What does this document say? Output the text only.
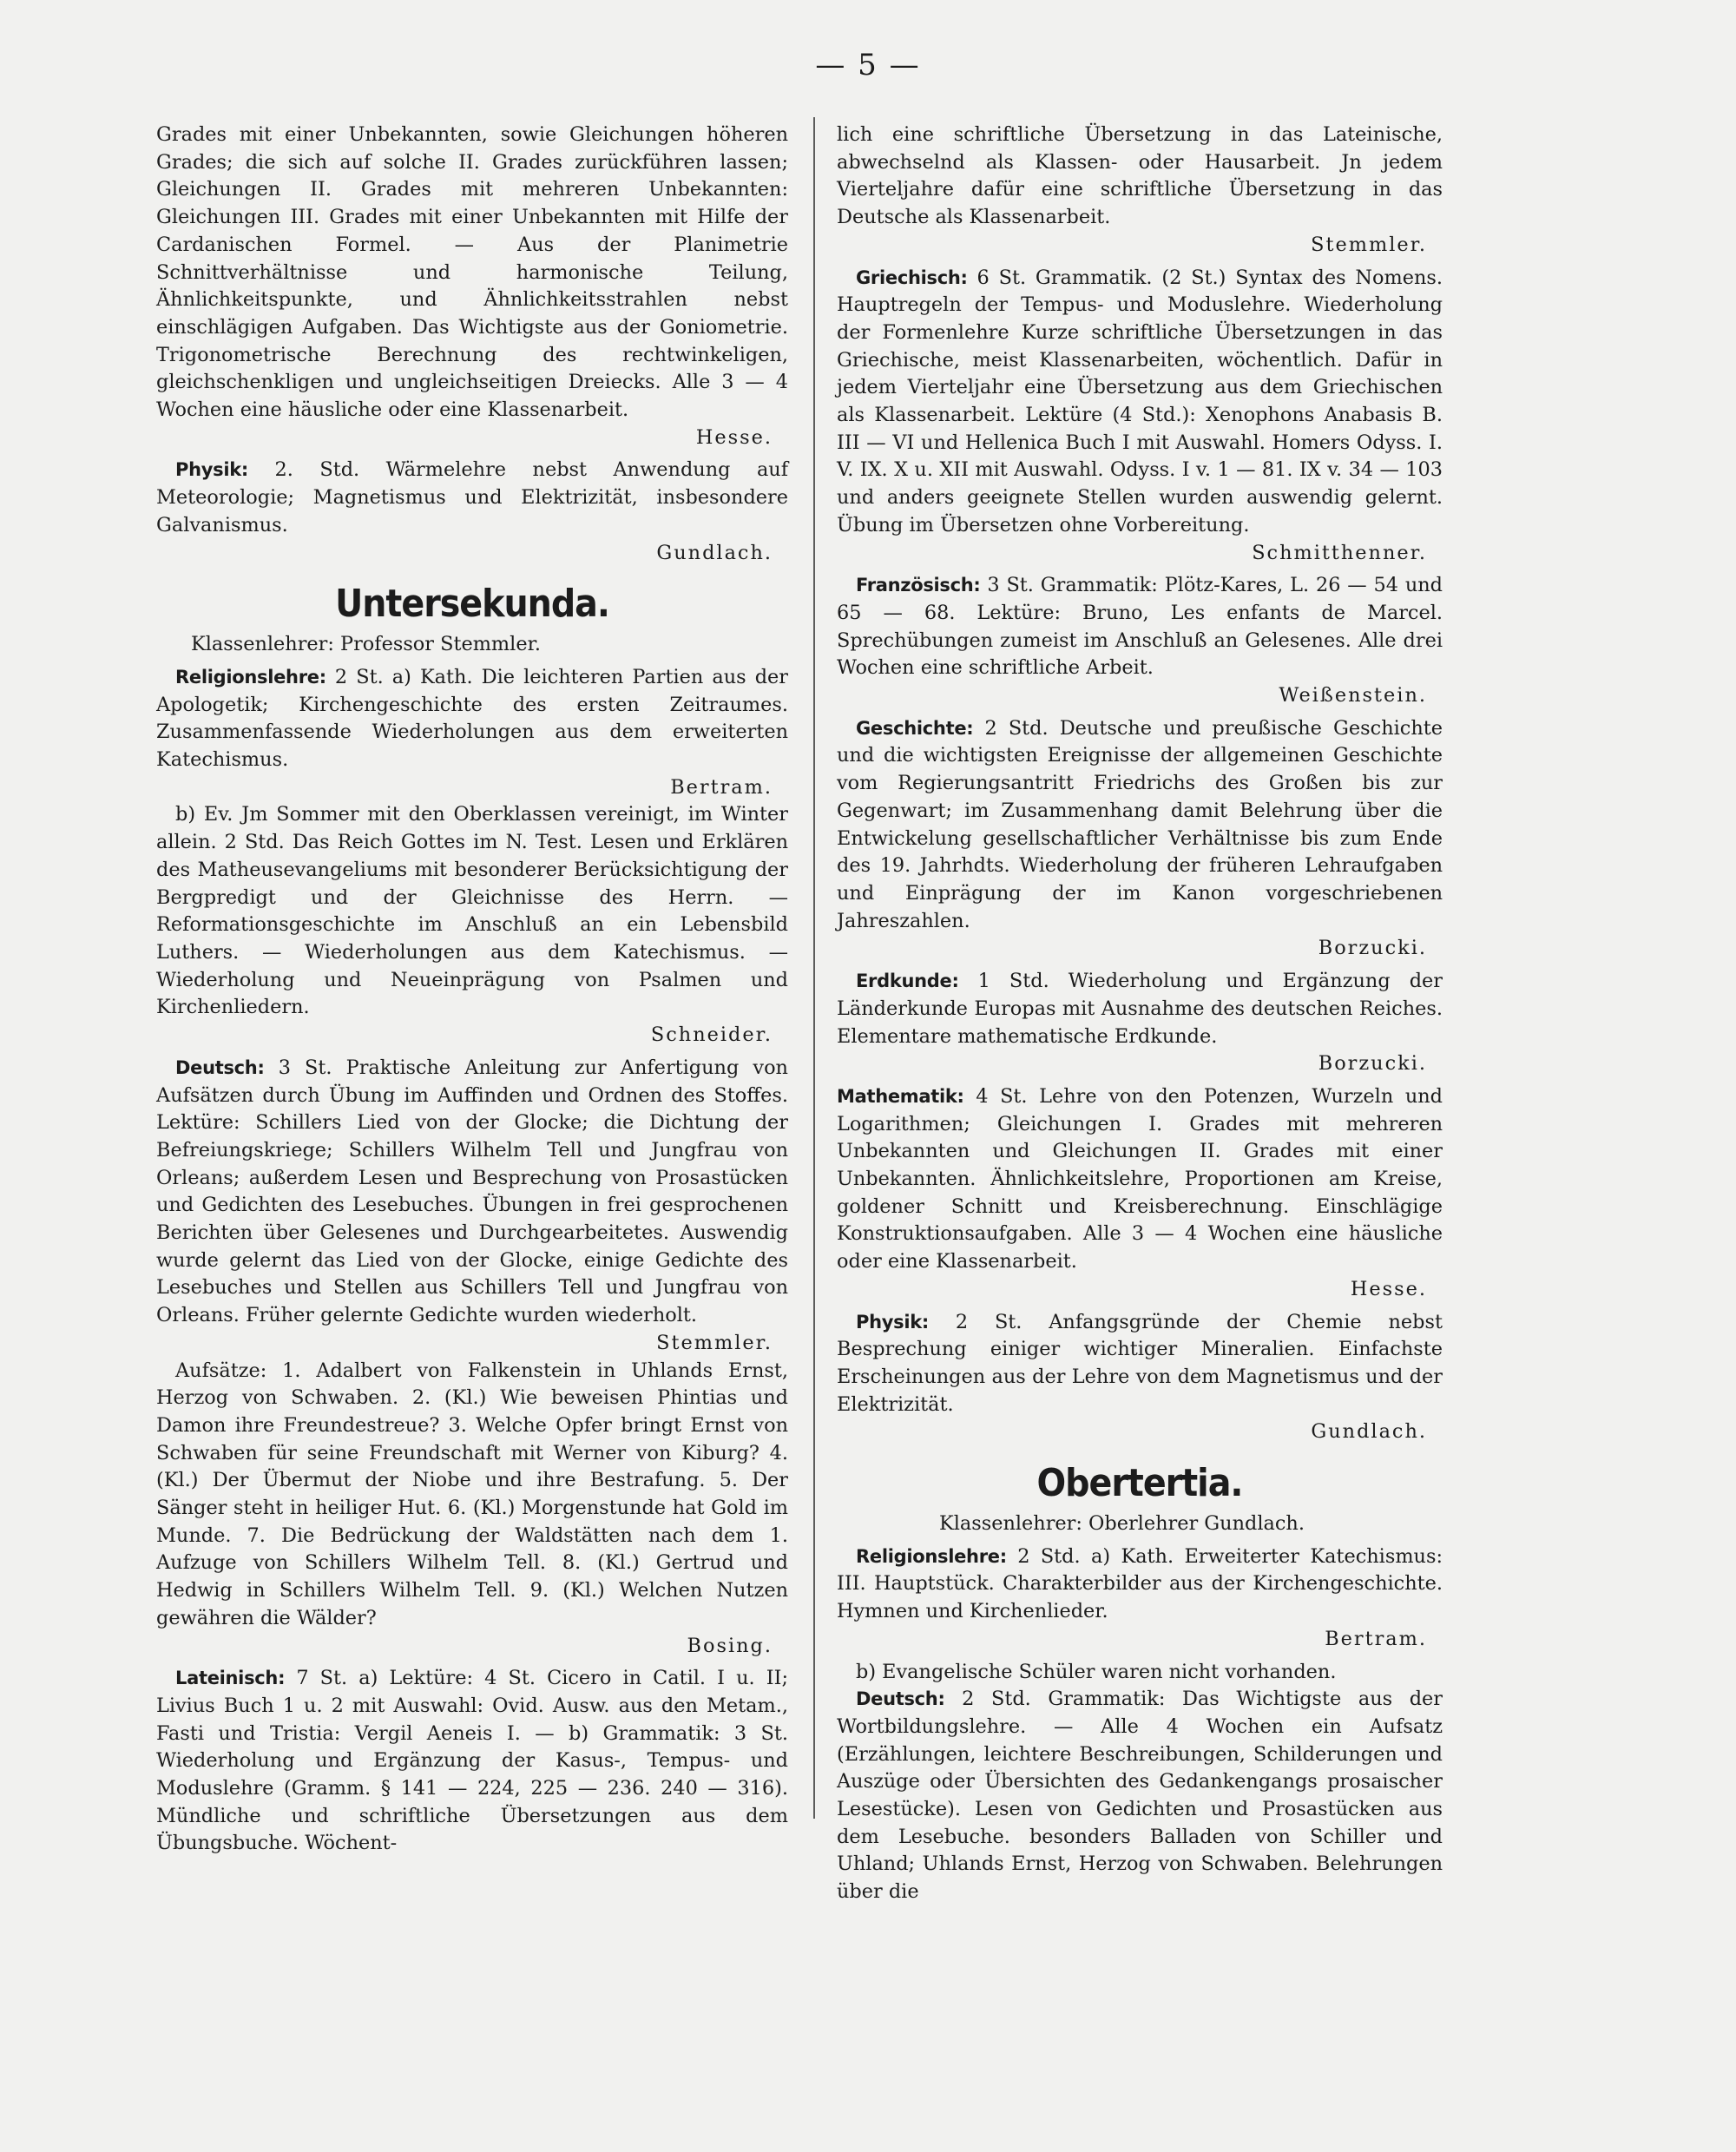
— 5 —

Grades mit einer Unbekannten, sowie Gleichungen höheren Grades; die sich auf solche II. Grades zurückführen lassen; Gleichungen II. Grades mit mehreren Unbekannten: Gleichungen III. Grades mit einer Unbekannten mit Hilfe der Cardanischen Formel. — Aus der Planimetrie Schnittverhältnisse und harmonische Teilung, Ähnlichkeitspunkte, und Ähnlichkeitsstrahlen nebst einschlägigen Aufgaben. Das Wichtigste aus der Goniometrie. Trigonometrische Berechnung des rechtwinkeligen, gleichschenkligen und ungleichseitigen Dreiecks. Alle 3 — 4 Wochen eine häusliche oder eine Klassenarbeit.

Hesse.

Physik: 2. Std. Wärmelehre nebst Anwendung auf Meteorologie; Magnetismus und Elektrizität, insbesondere Galvanismus.

Gundlach.

Untersekunda.

Klassenlehrer: Professor Stemmler.

Religionslehre: 2 St. a) Kath. Die leichteren Partien aus der Apologetik; Kirchengeschichte des ersten Zeitraumes. Zusammenfassende Wiederholungen aus dem erweiterten Katechismus.

Bertram.

b) Ev. Jm Sommer mit den Oberklassen vereinigt, im Winter allein. 2 Std. Das Reich Gottes im N. Test. Lesen und Erklären des Matheusevangeliums mit besonderer Berücksichtigung der Bergpredigt und der Gleichnisse des Herrn. — Reformationsgeschichte im Anschluß an ein Lebensbild Luthers. — Wiederholungen aus dem Katechismus. — Wiederholung und Neueinprägung von Psalmen und Kirchenliedern.

Schneider.

Deutsch: 3 St. Praktische Anleitung zur Anfertigung von Aufsätzen durch Übung im Auffinden und Ordnen des Stoffes. Lektüre: Schillers Lied von der Glocke; die Dichtung der Befreiungskriege; Schillers Wilhelm Tell und Jungfrau von Orleans; außerdem Lesen und Besprechung von Prosastücken und Gedichten des Lesebuches. Übungen in frei gesprochenen Berichten über Gelesenes und Durchgearbeitetes. Auswendig wurde gelernt das Lied von der Glocke, einige Gedichte des Lesebuches und Stellen aus Schillers Tell und Jungfrau von Orleans. Früher gelernte Gedichte wurden wiederholt.

Stemmler.

Aufsätze: 1. Adalbert von Falkenstein in Uhlands Ernst, Herzog von Schwaben. 2. (Kl.) Wie beweisen Phintias und Damon ihre Freundestreue? 3. Welche Opfer bringt Ernst von Schwaben für seine Freundschaft mit Werner von Kiburg? 4. (Kl.) Der Übermut der Niobe und ihre Bestrafung. 5. Der Sänger steht in heiliger Hut. 6. (Kl.) Morgenstunde hat Gold im Munde. 7. Die Bedrückung der Waldstätten nach dem 1. Aufzuge von Schillers Wilhelm Tell. 8. (Kl.) Gertrud und Hedwig in Schillers Wilhelm Tell. 9. (Kl.) Welchen Nutzen gewähren die Wälder?

Bosing.

Lateinisch: 7 St. a) Lektüre: 4 St. Cicero in Catil. I u. II; Livius Buch 1 u. 2 mit Auswahl: Ovid. Ausw. aus den Metam., Fasti und Tristia: Vergil Aeneis I. — b) Grammatik: 3 St. Wiederholung und Ergänzung der Kasus-, Tempus- und Moduslehre (Gramm. § 141 — 224, 225 — 236. 240 — 316). Mündliche und schriftliche Übersetzungen aus dem Übungsbuche. Wöchent-

lich eine schriftliche Übersetzung in das Lateinische, abwechselnd als Klassen- oder Hausarbeit. Jn jedem Vierteljahre dafür eine schriftliche Übersetzung in das Deutsche als Klassenarbeit.

Stemmler.

Griechisch: 6 St. Grammatik. (2 St.) Syntax des Nomens. Hauptregeln der Tempus- und Moduslehre. Wiederholung der Formenlehre Kurze schriftliche Übersetzungen in das Griechische, meist Klassenarbeiten, wöchentlich. Dafür in jedem Vierteljahr eine Übersetzung aus dem Griechischen als Klassenarbeit. Lektüre (4 Std.): Xenophons Anabasis B. III — VI und Hellenica Buch I mit Auswahl. Homers Odyss. I. V. IX. X u. XII mit Auswahl. Odyss. I v. 1 — 81. IX v. 34 — 103 und anders geeignete Stellen wurden auswendig gelernt. Übung im Übersetzen ohne Vorbereitung.

Schmitthenner.

Französisch: 3 St. Grammatik: Plötz-Kares, L. 26 — 54 und 65 — 68. Lektüre: Bruno, Les enfants de Marcel. Sprechübungen zumeist im Anschluß an Gelesenes. Alle drei Wochen eine schriftliche Arbeit.

Weißenstein.

Geschichte: 2 Std. Deutsche und preußische Geschichte und die wichtigsten Ereignisse der allgemeinen Geschichte vom Regierungsantritt Friedrichs des Großen bis zur Gegenwart; im Zusammenhang damit Belehrung über die Entwickelung gesellschaftlicher Verhältnisse bis zum Ende des 19. Jahrhdts. Wiederholung der früheren Lehraufgaben und Einprägung der im Kanon vorgeschriebenen Jahreszahlen.

Borzucki.

Erdkunde: 1 Std. Wiederholung und Ergänzung der Länderkunde Europas mit Ausnahme des deutschen Reiches. Elementare mathematische Erdkunde.

Borzucki.

Mathematik: 4 St. Lehre von den Potenzen, Wurzeln und Logarithmen; Gleichungen I. Grades mit mehreren Unbekannten und Gleichungen II. Grades mit einer Unbekannten. Ähnlichkeitslehre, Proportionen am Kreise, goldener Schnitt und Kreisberechnung. Einschlägige Konstruktionsaufgaben. Alle 3 — 4 Wochen eine häusliche oder eine Klassenarbeit.

Hesse.

Physik: 2 St. Anfangsgründe der Chemie nebst Besprechung einiger wichtiger Mineralien. Einfachste Erscheinungen aus der Lehre von dem Magnetismus und der Elektrizität.

Gundlach.

Obertertia.

Klassenlehrer: Oberlehrer Gundlach.

Religionslehre: 2 Std. a) Kath. Erweiterter Katechismus: III. Hauptstück. Charakterbilder aus der Kirchengeschichte. Hymnen und Kirchenlieder.

Bertram.

b) Evangelische Schüler waren nicht vorhanden.

Deutsch: 2 Std. Grammatik: Das Wichtigste aus der Wortbildungslehre. — Alle 4 Wochen ein Aufsatz (Erzählungen, leichtere Beschreibungen, Schilderungen und Auszüge oder Übersichten des Gedankengangs prosaischer Lesestücke). Lesen von Gedichten und Prosastücken aus dem Lesebuche. besonders Balladen von Schiller und Uhland; Uhlands Ernst, Herzog von Schwaben. Belehrungen über die
